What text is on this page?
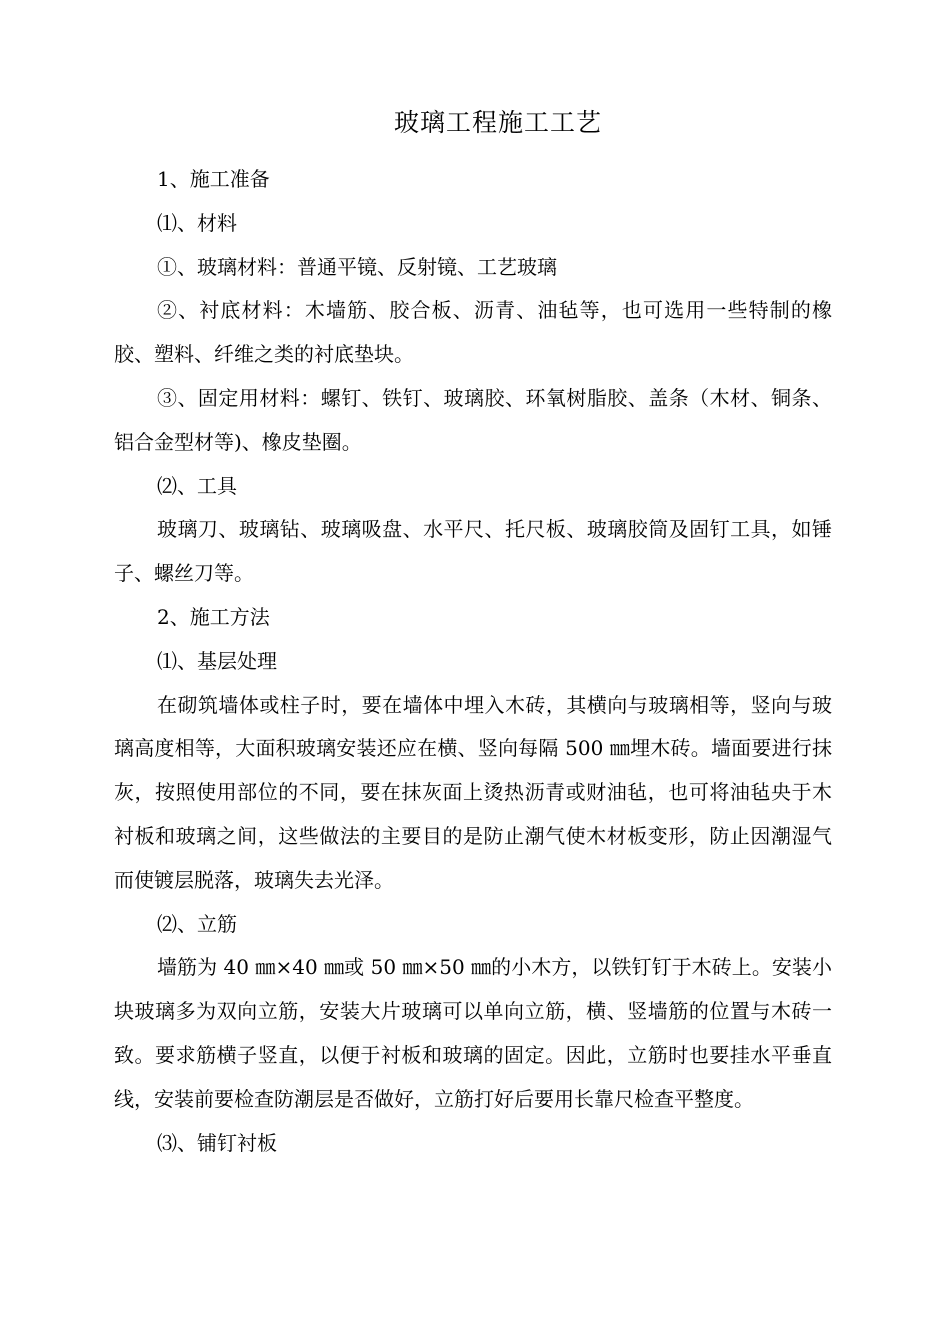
玻璃工程施工工艺

1、施工准备

⑴、材料

①、玻璃材料：普通平镜、反射镜、工艺玻璃

②、衬底材料：木墙筋、胶合板、沥青、油毡等，也可选用一些特制的橡胶、塑料、纤维之类的衬底垫块。

③、固定用材料：螺钉、铁钉、玻璃胶、环氧树脂胶、盖条（木材、铜条、铝合金型材等)、橡皮垫圈。

⑵、工具

玻璃刀、玻璃钻、玻璃吸盘、水平尺、托尺板、玻璃胶筒及固钉工具，如锤子、螺丝刀等。

2、施工方法

⑴、基层处理

在砌筑墙体或柱子时，要在墙体中埋入木砖，其横向与玻璃相等，竖向与玻璃高度相等，大面积玻璃安装还应在横、竖向每隔 500 ㎜埋木砖。墙面要进行抹灰，按照使用部位的不同，要在抹灰面上烫热沥青或财油毡，也可将油毡央于木衬板和玻璃之间，这些做法的主要目的是防止潮气使木材板变形，防止因潮湿气而使镀层脱落，玻璃失去光泽。

⑵、立筋

墙筋为 40 ㎜×40 ㎜或 50 ㎜×50 ㎜的小木方，以铁钉钉于木砖上。安装小块玻璃多为双向立筋，安装大片玻璃可以单向立筋，横、竖墙筋的位置与木砖一致。要求筋横子竖直，以便于衬板和玻璃的固定。因此，立筋时也要挂水平垂直线，安装前要检查防潮层是否做好，立筋打好后要用长靠尺检查平整度。

⑶、铺钉衬板
